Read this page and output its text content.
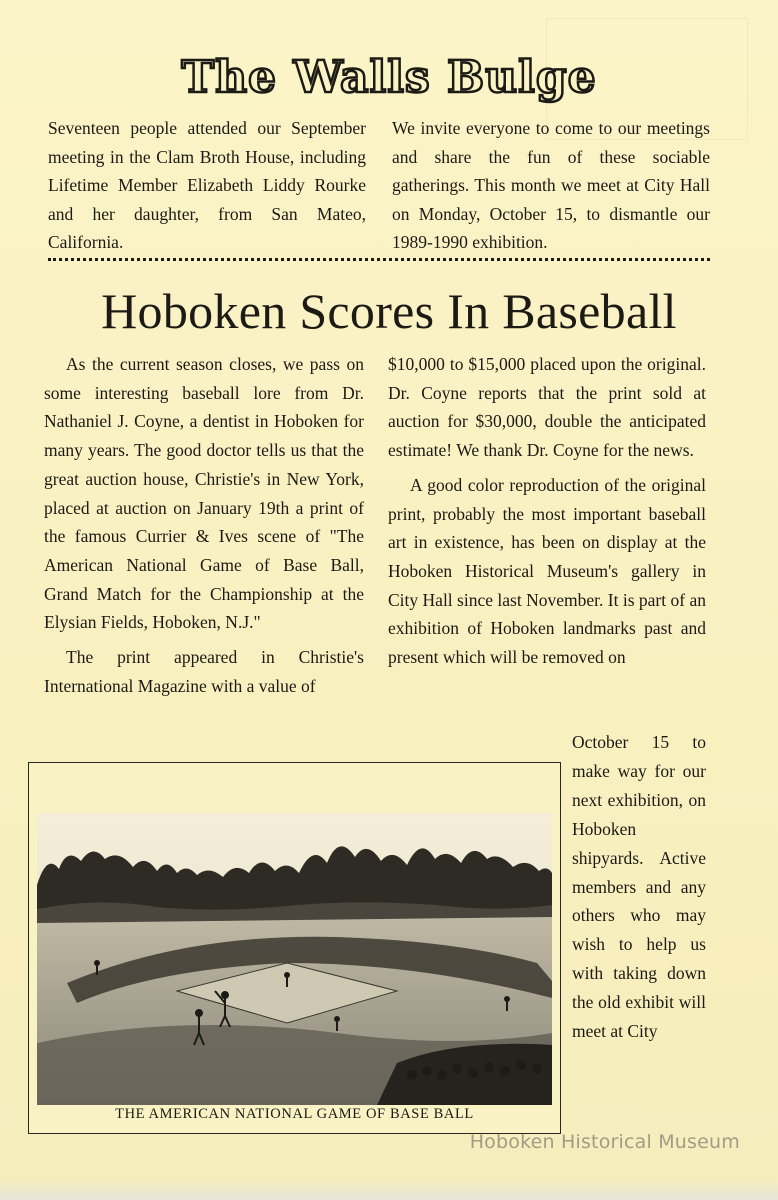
The Walls Bulge
Seventeen people attended our September meeting in the Clam Broth House, including Lifetime Member Elizabeth Liddy Rourke and her daughter, from San Mateo, California.
We invite everyone to come to our meetings and share the fun of these sociable gatherings. This month we meet at City Hall on Monday, October 15, to dismantle our 1989-1990 exhibition.
Hoboken Scores In Baseball

As the current season closes, we pass on some interesting baseball lore from Dr. Nathaniel J. Coyne, a dentist in Hoboken for many years. The good doctor tells us that the great auction house, Christie's in New York, placed at auction on January 19th a print of the famous Currier & Ives scene of "The American National Game of Base Ball, Grand Match for the Championship at the Elysian Fields, Hoboken, N.J."

The print appeared in Christie's International Magazine with a value of

$10,000 to $15,000 placed upon the original. Dr. Coyne reports that the print sold at auction for $30,000, double the anticipated estimate! We thank Dr. Coyne for the news.

A good color reproduction of the original print, probably the most important baseball art in existence, has been on display at the Hoboken Historical Museum's gallery in City Hall since last November. It is part of an exhibition of Hoboken landmarks past and present which will be removed on

October 15 to make way for our next exhibition, on Hoboken shipyards. Active members and any others who may wish to help us with taking down the old exhibit will meet at City
THE AMERICAN NATIONAL GAME OF BASE BALL
Hoboken Historical Museum
